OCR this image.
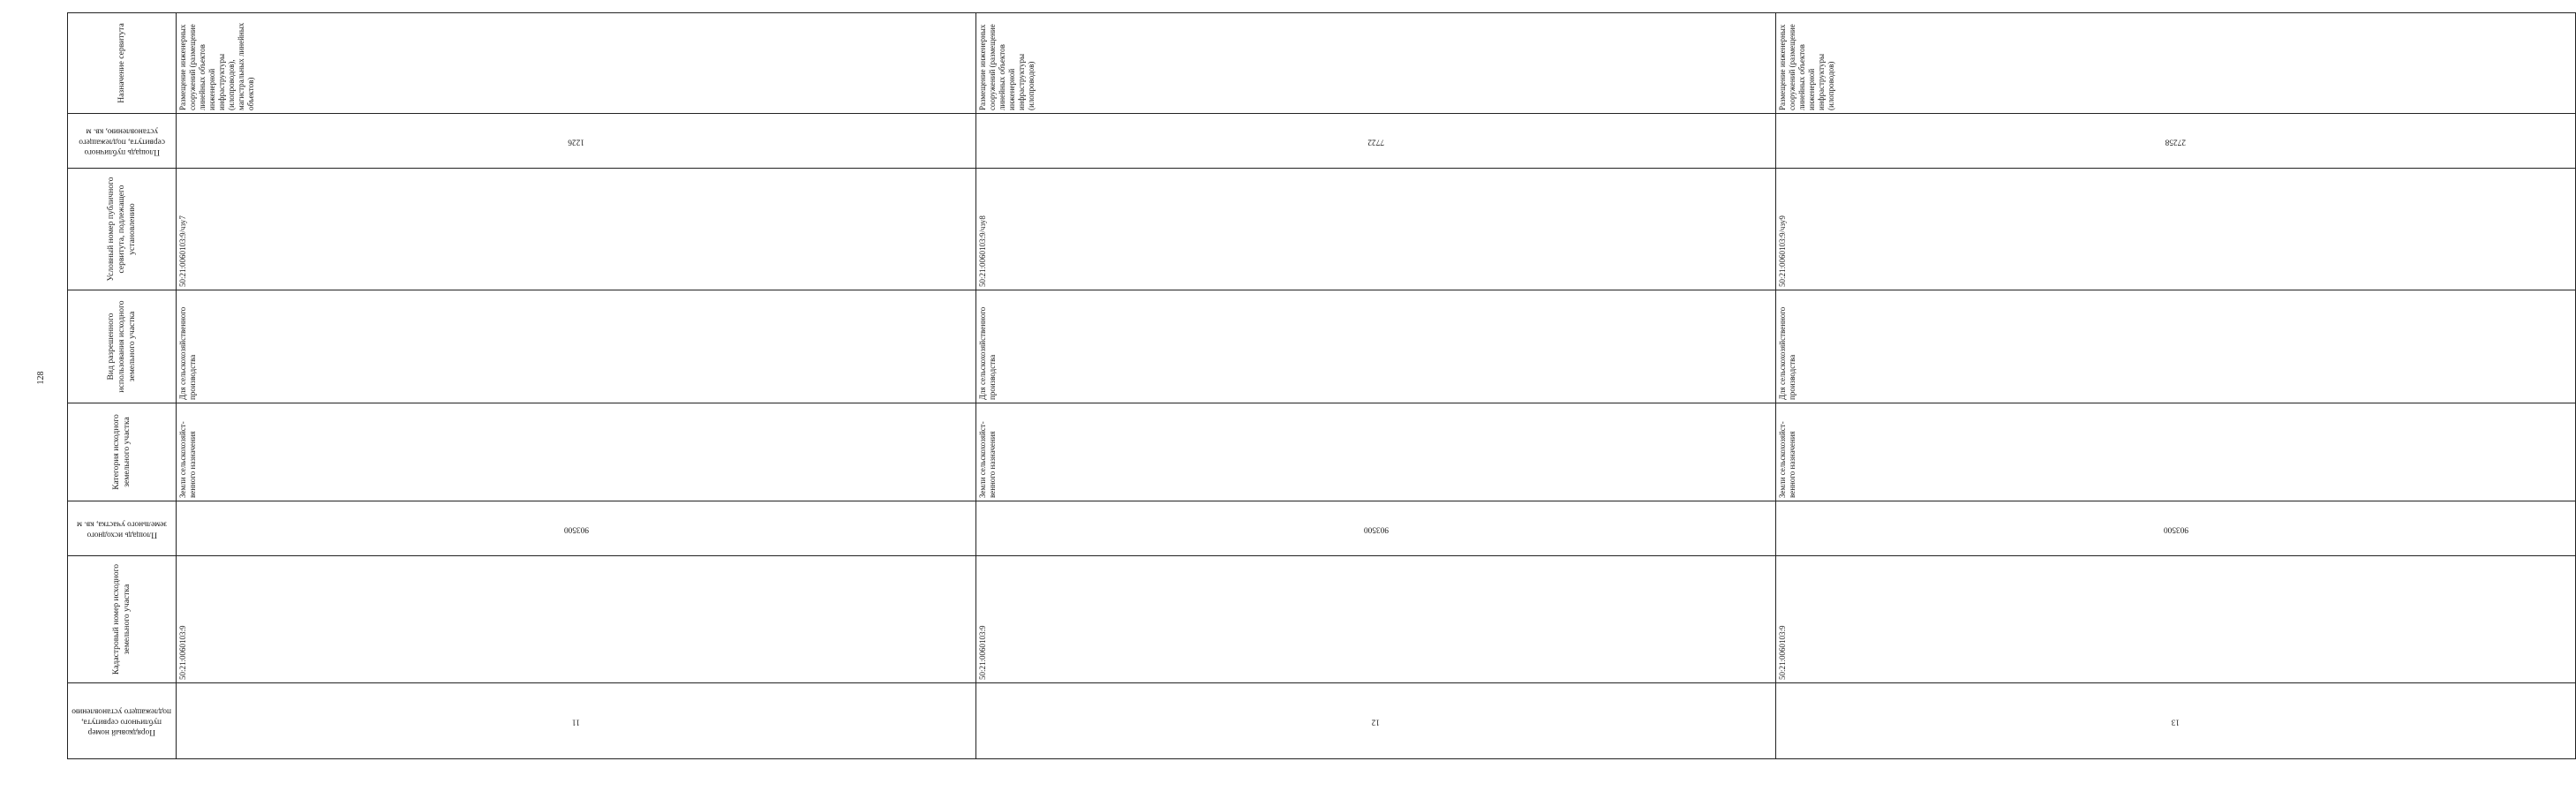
128
Порядковый номер публичного сервитута, подлежащего установлению	Кадастровый номер исходного земельного участка	Площадь исходного земельного участка, кв. м	Категория исходного земельного участка	Вид разрешенного использования исходного земельного участка	Условный номер публичного сервитута, подлежащего установлению	Площадь публичного сервитута, подлежащего установлению, кв. м	Назначение сервитута

11	50:21:0060103:9	903500	Земли сельскохозяйст-венного назначения	Для сельскохозяйственного производства	50:21:0060103:9/чзу7	1226	Размещение инженерных сооружений (размещение линейных объектов инженерной инфраструктуры (илопроводов), магистральных линейных объектов)

12	50:21:0060103:9	903500	Земли сельскохозяйст-венного назначения	Для сельскохозяйственного производства	50:21:0060103:9/чзу8	7722	Размещение инженерных сооружений (размещение линейных объектов инженерной инфраструктуры (илопроводов)

13	50:21:0060103:9	903500	Земли сельскохозяйст-венного назначения	Для сельскохозяйственного производства	50:21:0060103:9/чзу9	27258	Размещение инженерных сооружений (размещение линейных объектов инженерной инфраструктуры (илопроводов)
